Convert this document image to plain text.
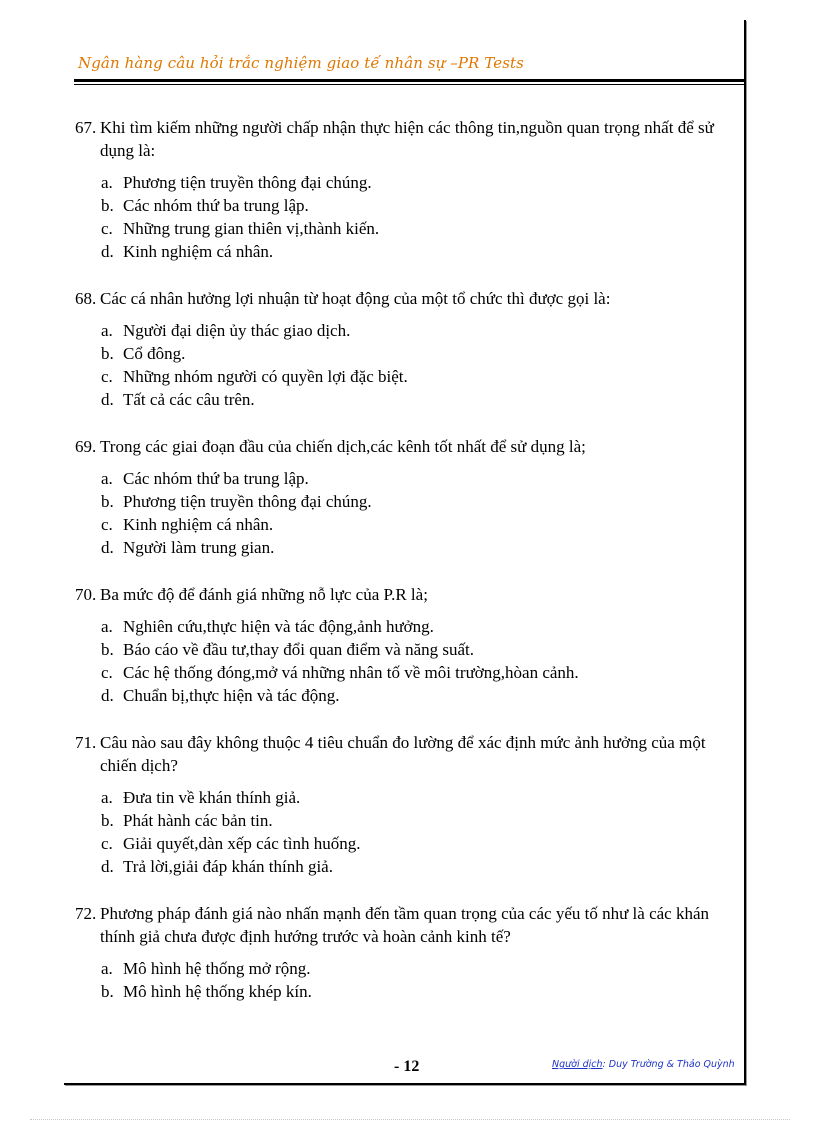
Ngân hàng câu hỏi trắc nghiệm giao tế nhân sự –PR Tests
67. Khi tìm kiếm những người chấp nhận thực hiện các thông tin,nguồn quan trọng nhất để sử dụng là:
a. Phương tiện truyền thông đại chúng.
b. Các nhóm thứ ba trung lập.
c. Những trung gian thiên vị,thành kiến.
d. Kinh nghiệm cá nhân.
68. Các cá nhân hưởng lợi nhuận từ hoạt động của một tổ chức thì được gọi là:
a. Người đại diện ủy thác giao dịch.
b. Cổ đông.
c. Những nhóm người có quyền lợi đặc biệt.
d. Tất cả các câu trên.
69. Trong các giai đoạn đầu của chiến dịch,các kênh tốt nhất để sử dụng là;
a. Các nhóm thứ ba trung lập.
b. Phương tiện truyền thông đại chúng.
c. Kinh nghiệm cá nhân.
d. Người làm trung gian.
70. Ba mức độ để đánh giá những nỗ lực của P.R là;
a. Nghiên cứu,thực hiện và tác động,ảnh hưởng.
b. Báo cáo về đầu tư,thay đổi quan điểm và năng suất.
c. Các hệ thống đóng,mở vá những nhân tố về môi trường,hòan cảnh.
d. Chuẩn bị,thực hiện và tác động.
71. Câu nào sau đây không thuộc 4 tiêu chuẩn đo lường để xác định mức ảnh hưởng của một chiến dịch?
a. Đưa tin về khán thính giả.
b. Phát hành các bản tin.
c. Giải quyết,dàn xếp các tình huống.
d. Trả lời,giải đáp khán thính giả.
72. Phương pháp đánh giá nào nhấn mạnh đến tầm quan trọng của các yếu tố như là các khán thính giả chưa được định hướng trước và hoàn cảnh kinh tế?
a. Mô hình hệ thống mở rộng.
b. Mô hình hệ thống khép kín.
- 12	Người dịch: Duy Trường & Thảo Quỳnh
